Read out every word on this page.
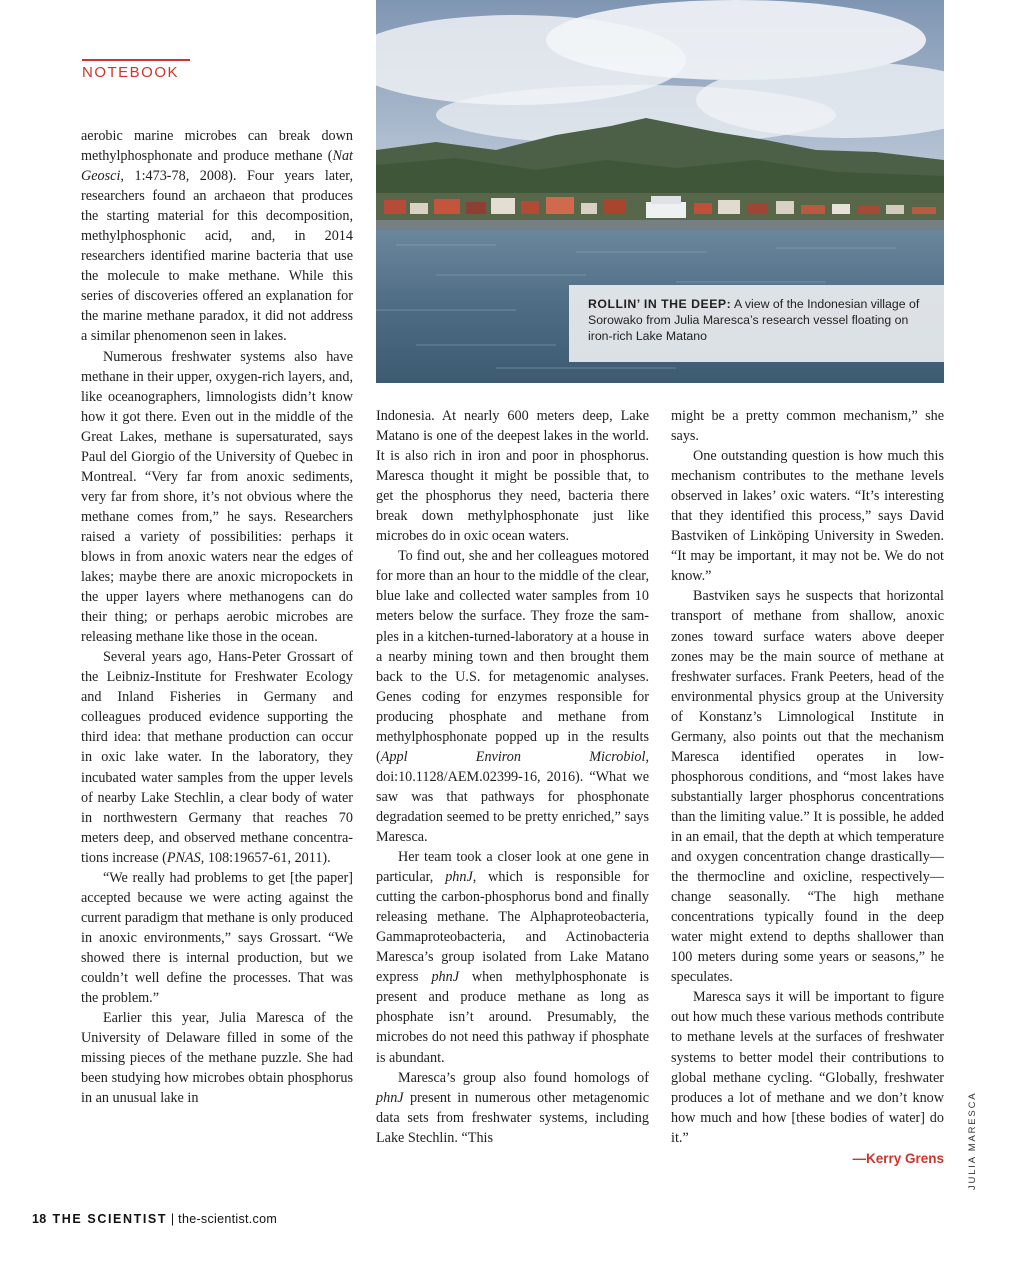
NOTEBOOK
ROLLIN’ IN THE DEEP: A view of the Indonesian village of Sorowako from Julia Maresca’s research vessel floating on iron-rich Lake Matano
JULIA MARESCA

aerobic marine microbes can break down methylphosphonate and produce methane (Nat Geosci, 1:473-78, 2008). Four years later, researchers found an archaeon that produces the starting material for this decomposition, methylphosphonic acid, and, in 2014 researchers identified marine bacteria that use the molecule to make methane. While this series of discoveries offered an explanation for the marine methane paradox, it did not address a similar phenomenon seen in lakes.

Numerous freshwater systems also have methane in their upper, oxygen-rich layers, and, like oceanographers, limnologists didn’t know how it got there. Even out in the middle of the Great Lakes, methane is supersaturated, says Paul del Giorgio of the University of Quebec in Montreal. “Very far from anoxic sediments, very far from shore, it’s not obvious where the methane comes from,” he says. Researchers raised a variety of possibilities: perhaps it blows in from anoxic waters near the edges of lakes; maybe there are anoxic micropockets in the upper layers where methanogens can do their thing; or perhaps aerobic microbes are releasing methane like those in the ocean.

Several years ago, Hans-Peter Grossart of the Leibniz-Institute for Freshwater Ecology and Inland Fisheries in Germany and colleagues produced evidence supporting the third idea: that methane production can occur in oxic lake water. In the laboratory, they incubated water samples from the upper levels of nearby Lake Stechlin, a clear body of water in northwestern Germany that reaches 70 meters deep, and observed methane concentrations increase (PNAS, 108:19657-61, 2011).

“We really had problems to get [the paper] accepted because we were acting against the current paradigm that methane is only produced in anoxic environments,” says Grossart. “We showed there is internal production, but we couldn’t well define the processes. That was the problem.”

Earlier this year, Julia Maresca of the University of Delaware filled in some of the missing pieces of the methane puzzle. She had been studying how microbes obtain phosphorus in an unusual lake in

Indonesia. At nearly 600 meters deep, Lake Matano is one of the deepest lakes in the world. It is also rich in iron and poor in phosphorus. Maresca thought it might be possible that, to get the phosphorus they need, bacteria there break down methylphosphonate just like microbes do in oxic ocean waters.

To find out, she and her colleagues motored for more than an hour to the middle of the clear, blue lake and collected water samples from 10 meters below the surface. They froze the samples in a kitchen-turned-laboratory at a house in a nearby mining town and then brought them back to the U.S. for metagenomic analyses. Genes coding for enzymes responsible for producing phosphate and methane from methylphosphonate popped up in the results (Appl Environ Microbiol, doi:10.1128/AEM.02399-16, 2016). “What we saw was that pathways for phosphonate degradation seemed to be pretty enriched,” says Maresca.

Her team took a closer look at one gene in particular, phnJ, which is responsible for cutting the carbon-phosphorus bond and finally releasing methane. The Alphaproteobacteria, Gammaproteobacteria, and Actinobacteria Maresca’s group isolated from Lake Matano express phnJ when methylphosphonate is present and produce methane as long as phosphate isn’t around. Presumably, the microbes do not need this pathway if phosphate is abundant.

Maresca’s group also found homologs of phnJ present in numerous other metagenomic data sets from freshwater systems, including Lake Stechlin. “This

might be a pretty common mechanism,” she says.

One outstanding question is how much this mechanism contributes to the methane levels observed in lakes’ oxic waters. “It’s interesting that they identified this process,” says David Bastviken of Linköping University in Sweden. “It may be important, it may not be. We do not know.”

Bastviken says he suspects that horizontal transport of methane from shallow, anoxic zones toward surface waters above deeper zones may be the main source of methane at freshwater surfaces. Frank Peeters, head of the environmental physics group at the University of Konstanz’s Limnological Institute in Germany, also points out that the mechanism Maresca identified operates in low-phosphorous conditions, and “most lakes have substantially larger phosphorus concentrations than the limiting value.” It is possible, he added in an email, that the depth at which temperature and oxygen concentration change drastically—the thermocline and oxicline, respectively—change seasonally. “The high methane concentrations typically found in the deep water might extend to depths shallower than 100 meters during some years or seasons,” he speculates.

Maresca says it will be important to figure out how much these various methods contribute to methane levels at the surfaces of freshwater systems to better model their contributions to global methane cycling. “Globally, freshwater produces a lot of methane and we don’t know how much and how [these bodies of water] do it.”

—Kerry Grens
18 THE SCIENTIST | the-scientist.com
